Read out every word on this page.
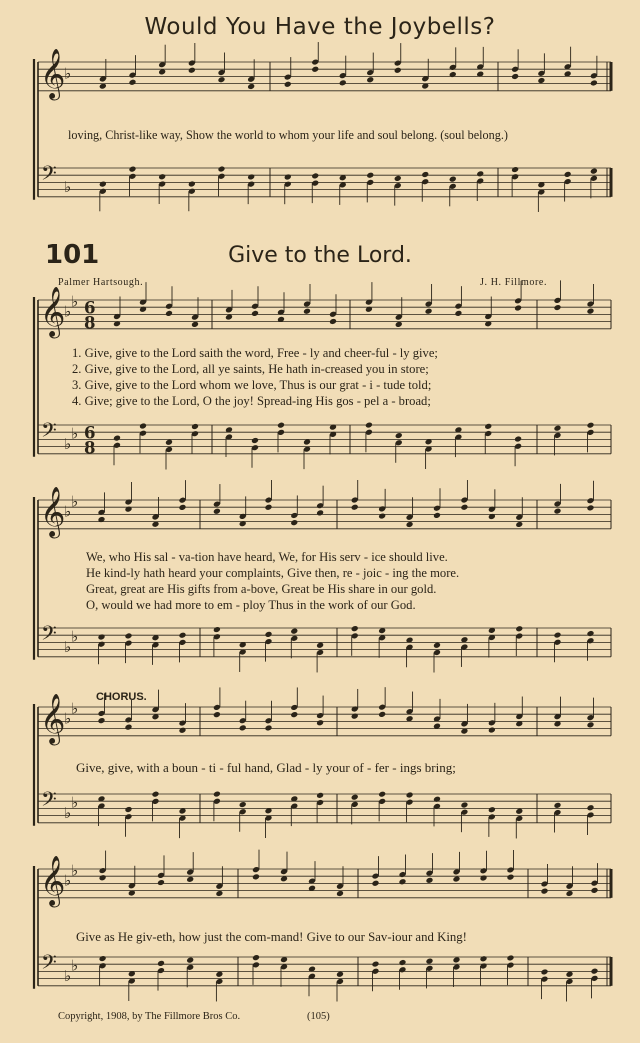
𝄞
𝄢
♭
♭
𝄞
𝄢
♭
♭
♭
♭
6
8
6
8
𝄞
𝄢
♭
♭
♭
♭
𝄞
𝄢
♭
♭
♭
♭
𝄞
𝄢
♭
♭
♭
♭
Would You Have the Joybells?
loving, Christ-like way, Show the world to whom your life and soul belong. (soul belong.)
101	Give to the Lord.
Palmer Hartsough.	J. H. Fillmore.
1. Give, give to the Lord saith the word, Free - ly and cheer-ful - ly give;
2. Give, give to the Lord, all ye saints, He hath in-creased you in store;
3. Give, give to the Lord whom we love, Thus is our grat - i - tude told;
4. Give; give to the Lord, O the joy! Spread-ing His gos - pel a - broad;
We, who His sal - va-tion have heard, We, for His serv - ice should live.
He kind-ly hath heard your complaints, Give then, re - joic - ing the more.
Great, great are His gifts from a-bove, Great be His share in our gold.
O, would we had more to em - ploy Thus in the work of our God.
CHORUS.
Give, give, with a boun - ti - ful hand, Glad - ly your of - fer - ings bring;
Give as He giv-eth, how just the com-mand! Give to our Sav-iour and King!
Copyright, 1908, by The Fillmore Bros Co.	(105)
